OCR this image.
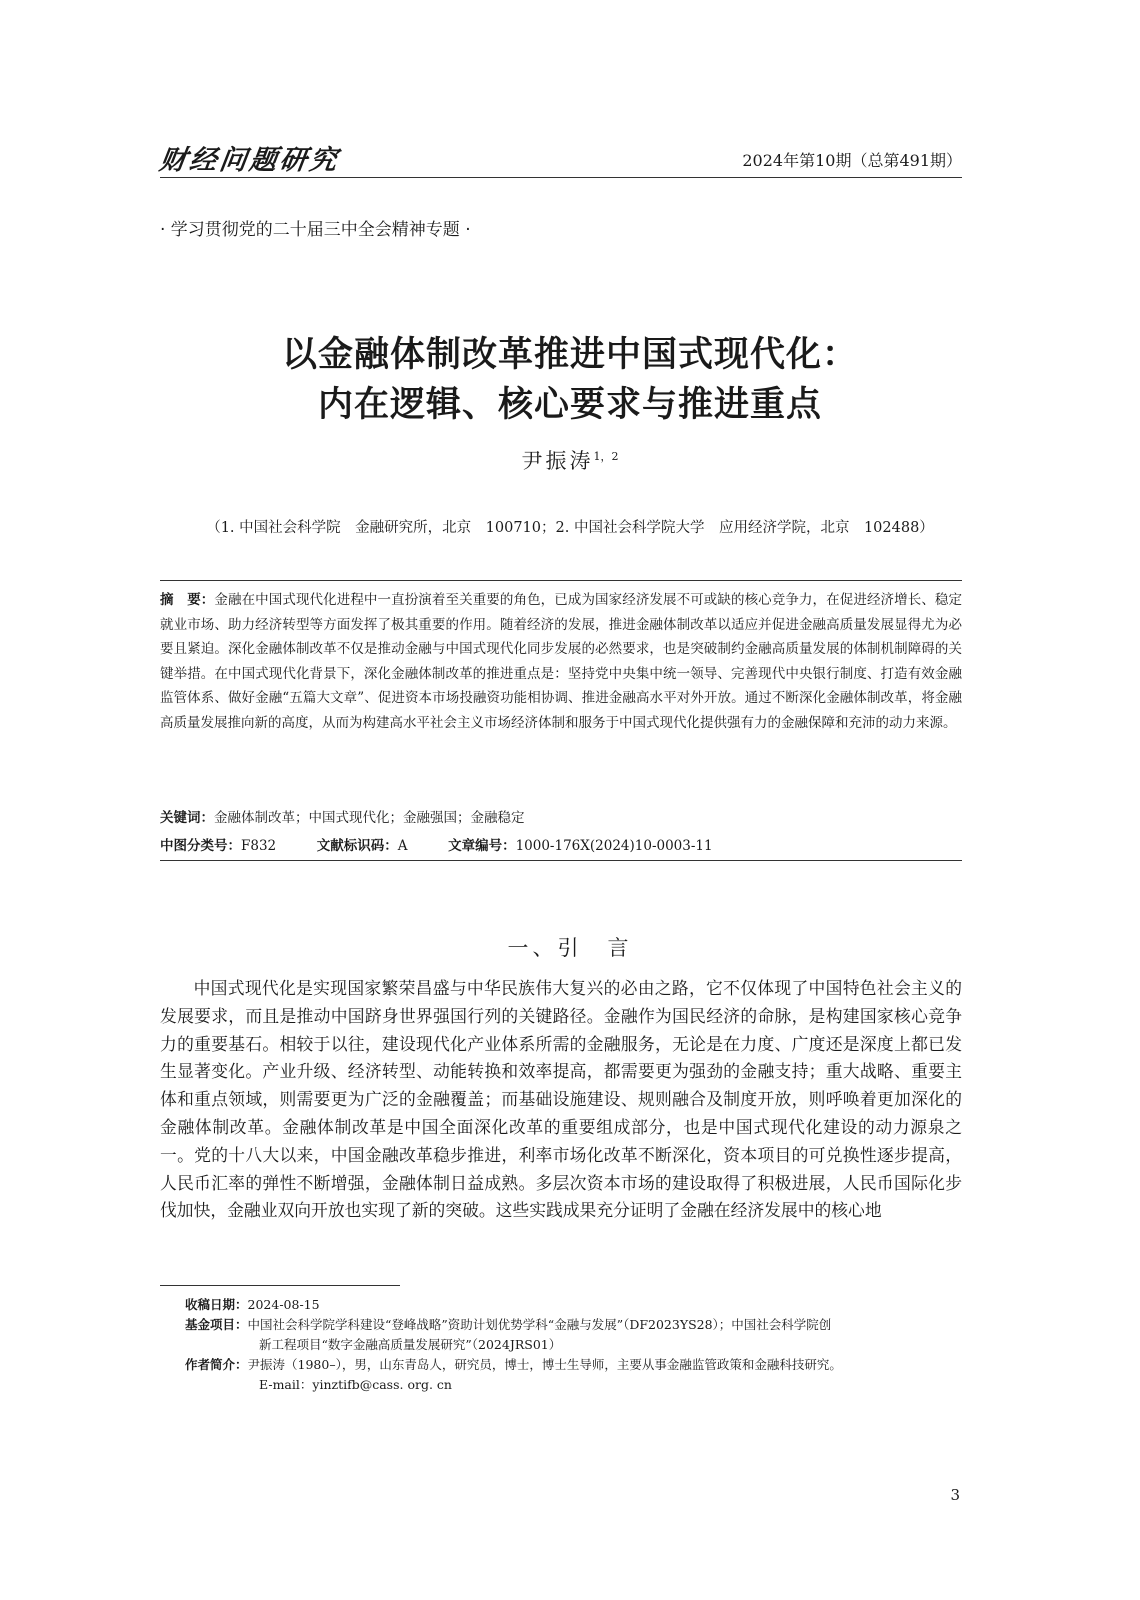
财经问题研究	2024年第10期（总第491期）
· 学习贯彻党的二十届三中全会精神专题 ·
以金融体制改革推进中国式现代化：
内在逻辑、核心要求与推进重点
尹振涛$^{1,2}$
（1. 中国社会科学院　金融研究所，北京　100710；2. 中国社会科学院大学　应用经济学院，北京　102488）
摘　要：金融在中国式现代化进程中一直扮演着至关重要的角色，已成为国家经济发展不可或缺的核心竞争力，在促进经济增长、稳定就业市场、助力经济转型等方面发挥了极其重要的作用。随着经济的发展，推进金融体制改革以适应并促进金融高质量发展显得尤为必要且紧迫。深化金融体制改革不仅是推动金融与中国式现代化同步发展的必然要求，也是突破制约金融高质量发展的体制机制障碍的关键举措。在中国式现代化背景下，深化金融体制改革的推进重点是：坚持党中央集中统一领导、完善现代中央银行制度、打造有效金融监管体系、做好金融“五篇大文章”、促进资本市场投融资功能相协调、推进金融高水平对外开放。通过不断深化金融体制改革，将金融高质量发展推向新的高度，从而为构建高水平社会主义市场经济体制和服务于中国式现代化提供强有力的金融保障和充沛的动力来源。
关键词：金融体制改革；中国式现代化；金融强国；金融稳定
中图分类号：F832	文献标识码：A	文章编号：1000-176X(2024)10-0003-11
一、引　言

中国式现代化是实现国家繁荣昌盛与中华民族伟大复兴的必由之路，它不仅体现了中国特色社会主义的发展要求，而且是推动中国跻身世界强国行列的关键路径。金融作为国民经济的命脉，是构建国家核心竞争力的重要基石。相较于以往，建设现代化产业体系所需的金融服务，无论是在力度、广度还是深度上都已发生显著变化。产业升级、经济转型、动能转换和效率提高，都需要更为强劲的金融支持；重大战略、重要主体和重点领域，则需要更为广泛的金融覆盖；而基础设施建设、规则融合及制度开放，则呼唤着更加深化的金融体制改革。金融体制改革是中国全面深化改革的重要组成部分，也是中国式现代化建设的动力源泉之一。党的十八大以来，中国金融改革稳步推进，利率市场化改革不断深化，资本项目的可兑换性逐步提高，人民币汇率的弹性不断增强，金融体制日益成熟。多层次资本市场的建设取得了积极进展，人民币国际化步伐加快，金融业双向开放也实现了新的突破。这些实践成果充分证明了金融在经济发展中的核心地

收稿日期：2024-08-15
基金项目：中国社会科学院学科建设“登峰战略”资助计划优势学科“金融与发展”（DF2023YS28）；中国社会科学院创
新工程项目“数字金融高质量发展研究”（2024JRS01）
作者简介：尹振涛（1980–），男，山东青岛人，研究员，博士，博士生导师，主要从事金融监管政策和金融科技研究。
E-mail：yinztifb@cass. org. cn
3
